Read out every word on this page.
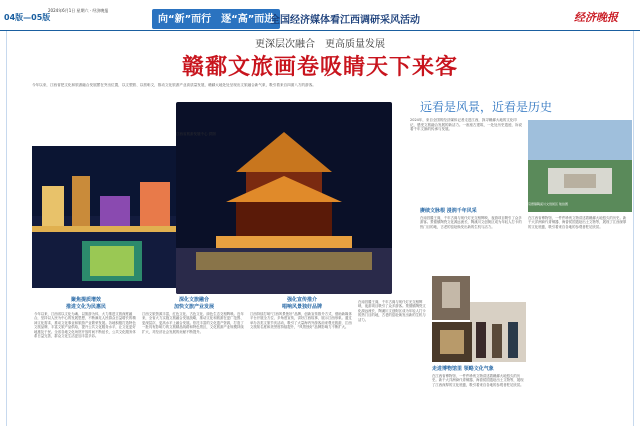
04版—05版
2024年6月1日 星期六 · 经济晚报
向“新”而行　逐“高”而进
全国经济媒体看江西调研采风活动	经济晚报
更深层次融合　更高质量发展
赣鄱文旅画卷吸睛天下来客
今年以来，江西省把文化和旅游融合发展摆在突出位置，以文塑旅、以旅彰文，推动文化旅游产业高质量发展，赣鄱大地处处呈现出文旅融合新气象，吸引着来自四面八方的游客。
江西省旅游发展中心 供图
聚焦提质增效
推进文化为民惠民
今年以来，江西省以文化为魂、以旅游为体，大力推进文旅深度融合，坚持以人民为中心的发展思想，不断满足人民群众日益增长的精神文化需求，推动文化事业和旅游产业繁荣发展。各地积极打造特色文旅品牌，丰富文旅产品供给，提升公共文化服务水平，让文化更好地惠及于民。全省各地文化场馆开放时间不断延长，公共文化服务体系日益完善，群众文化生活更加丰富多彩。
深化文旅融合
加快文旅产业发展
江西文旅资源丰富，红色文化、古色文化、绿色生态交相辉映。近年来，全省大力实施文旅融合发展战略，推动文化和旅游在更广范围、更深层次、更高水平上融合发展。依托丰富的文化遗产资源，打造了一批具有影响力的文旅精品线路和特色景区，文化旅游产业规模持续扩大，对经济社会发展的贡献不断提升。
强化宣传推介
唱响风景独好品牌
江西持续打响“江西风景独好”品牌，创新宣传推介方式，借助新媒体平台开展全方位、多角度宣传，讲好江西故事，展示江西形象。通过举办各类文旅节庆活动，吸引了大量海内外游客前来观光旅游，江西文旅知名度和美誉度持续提升，“风景独好”品牌影响力不断扩大。
在南昌滕王阁，千年古阁与现代灯光交相辉映，夜游项目吸引了众多游客。景德镇陶瓷文化源远流长，陶溪川文创街区成为年轻人打卡的热门目的地，古老的窑址焕发出新的生机与活力。
远看是风景，近看是历史
2024年，来自全国的经济媒体记者走进江西，探寻赣鄱大地的文化印记，感受文旅融合发展的新活力。一座座古建筑、一处处历史遗迹，诉说着千年文脉的传承与发展。
景德镇陶溪川文创街区 航拍图
赓续文脉根 浸润千年风采
在南昌滕王阁，千年古阁与现代灯光交相辉映，夜游项目吸引了众多游客。景德镇陶瓷文化源远流长，陶溪川文创街区成为年轻人打卡的热门目的地，古老的窑址焕发出新的生机与活力。
在江西省博物馆，一件件珍贵文物讲述着赣鄱大地悠久的历史。新干大洋洲商代青铜器、海昏侯国遗址出土文物等，展现了江西深厚的文化底蕴，吸引着来自各地的参观者驻足欣赏。
走进博物馆里 领略文化气象
在江西省博物馆，一件件珍贵文物讲述着赣鄱大地悠久的历史。新干大洋洲商代青铜器、海昏侯国遗址出土文物等，展现了江西深厚的文化底蕴，吸引着来自各地的参观者驻足欣赏。
